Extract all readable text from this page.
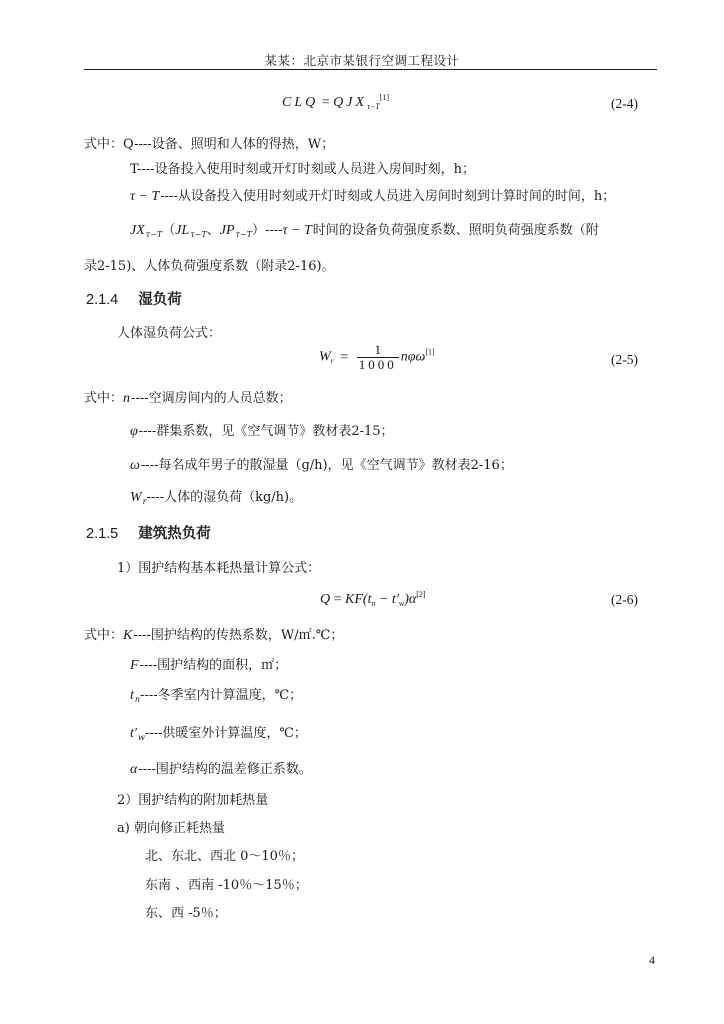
某某：北京市某银行空调工程设计
CLQ = $QJX_{\tau-T}[1]$	(2-4)
式中：Q----设备、照明和人体的得热，W；
T----设备投入使用时刻或开灯时刻或人员进入房间时刻，h；
τ − T----从设备投入使用时刻或开灯时刻或人员进入房间时刻到计算时间的时间，h；
$JX_{\tau-T}(JL_{\tau-T}$、$JP_{\tau-T})----\tau - T$时间的设备负荷强度系数、照明负荷强度系数（附
录2-15)、人体负荷强度系数（附录2-16)。
2.1.4 湿负荷
人体湿负荷公式：
$W_r = \frac{1}{1000} n\varphi\omega[1]$	(2-5)
式中：n----空调房间内的人员总数；
φ----群集系数，见《空气调节》教材表2-15；
ω----每名成年男子的散湿量（g/h)，见《空气调节》教材表2-16；
$W_r----$人体的湿负荷（kg/h)。
2.1.5 建筑热负荷
1）围护结构基本耗热量计算公式：
$Q = KF(t_n - t'_w)\alpha[2]$	(2-6)
式中：K----围护结构的传热系数，W/㎡.℃；
F----围护结构的面积，㎡；
$t_n----$冬季室内计算温度，℃；
$t'_w----$供暖室外计算温度，℃；
α----围护结构的温差修正系数。
2）围护结构的附加耗热量
a) 朝向修正耗热量
北、东北、西北 0～10％；
东南 、西南 -10％～15％；
东、西 -5％；
4
